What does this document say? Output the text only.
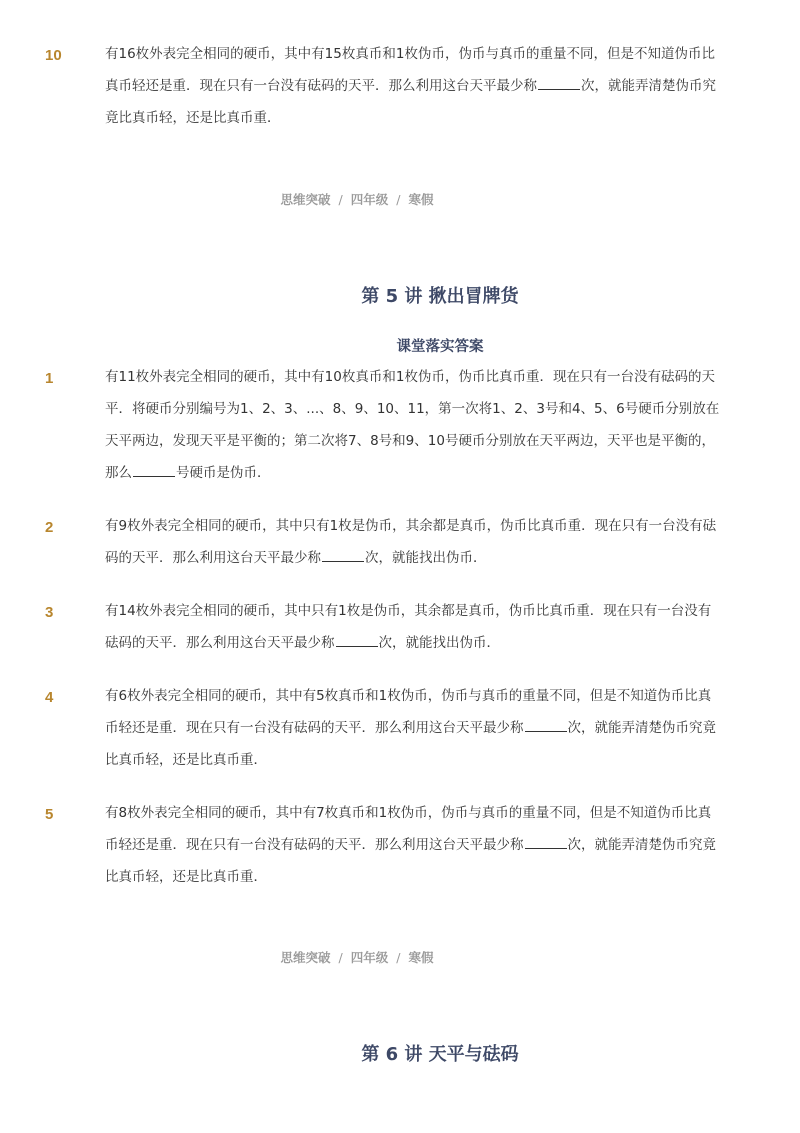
10	有16枚外表完全相同的硬币，其中有15枚真币和1枚伪币，伪币与真币的重量不同，但是不知道伪币比真币轻还是重．现在只有一台没有砝码的天平．那么利用这台天平最少称	次，就能弄清楚伪币究竟比真币轻，还是比真币重．
思维突破 / 四年级 / 寒假
第 5 讲 揪出冒牌货
课堂落实答案
1	有11枚外表完全相同的硬币，其中有10枚真币和1枚伪币，伪币比真币重．现在只有一台没有砝码的天平．将硬币分别编号为1、2、3、...、8、9、10、11，第一次将1、2、3号和4、5、6号硬币分别放在天平两边，发现天平是平衡的；第二次将7、8号和9、10号硬币分别放在天平两边，天平也是平衡的，那么	号硬币是伪币．
2	有9枚外表完全相同的硬币，其中只有1枚是伪币，其余都是真币，伪币比真币重．现在只有一台没有砝码的天平．那么利用这台天平最少称	次，就能找出伪币．
3	有14枚外表完全相同的硬币，其中只有1枚是伪币，其余都是真币，伪币比真币重．现在只有一台没有砝码的天平．那么利用这台天平最少称	次，就能找出伪币．
4	有6枚外表完全相同的硬币，其中有5枚真币和1枚伪币，伪币与真币的重量不同，但是不知道伪币比真币轻还是重．现在只有一台没有砝码的天平．那么利用这台天平最少称	次，就能弄清楚伪币究竟比真币轻，还是比真币重．
5	有8枚外表完全相同的硬币，其中有7枚真币和1枚伪币，伪币与真币的重量不同，但是不知道伪币比真币轻还是重．现在只有一台没有砝码的天平．那么利用这台天平最少称	次，就能弄清楚伪币究竟比真币轻，还是比真币重．
思维突破 / 四年级 / 寒假
第 6 讲 天平与砝码
